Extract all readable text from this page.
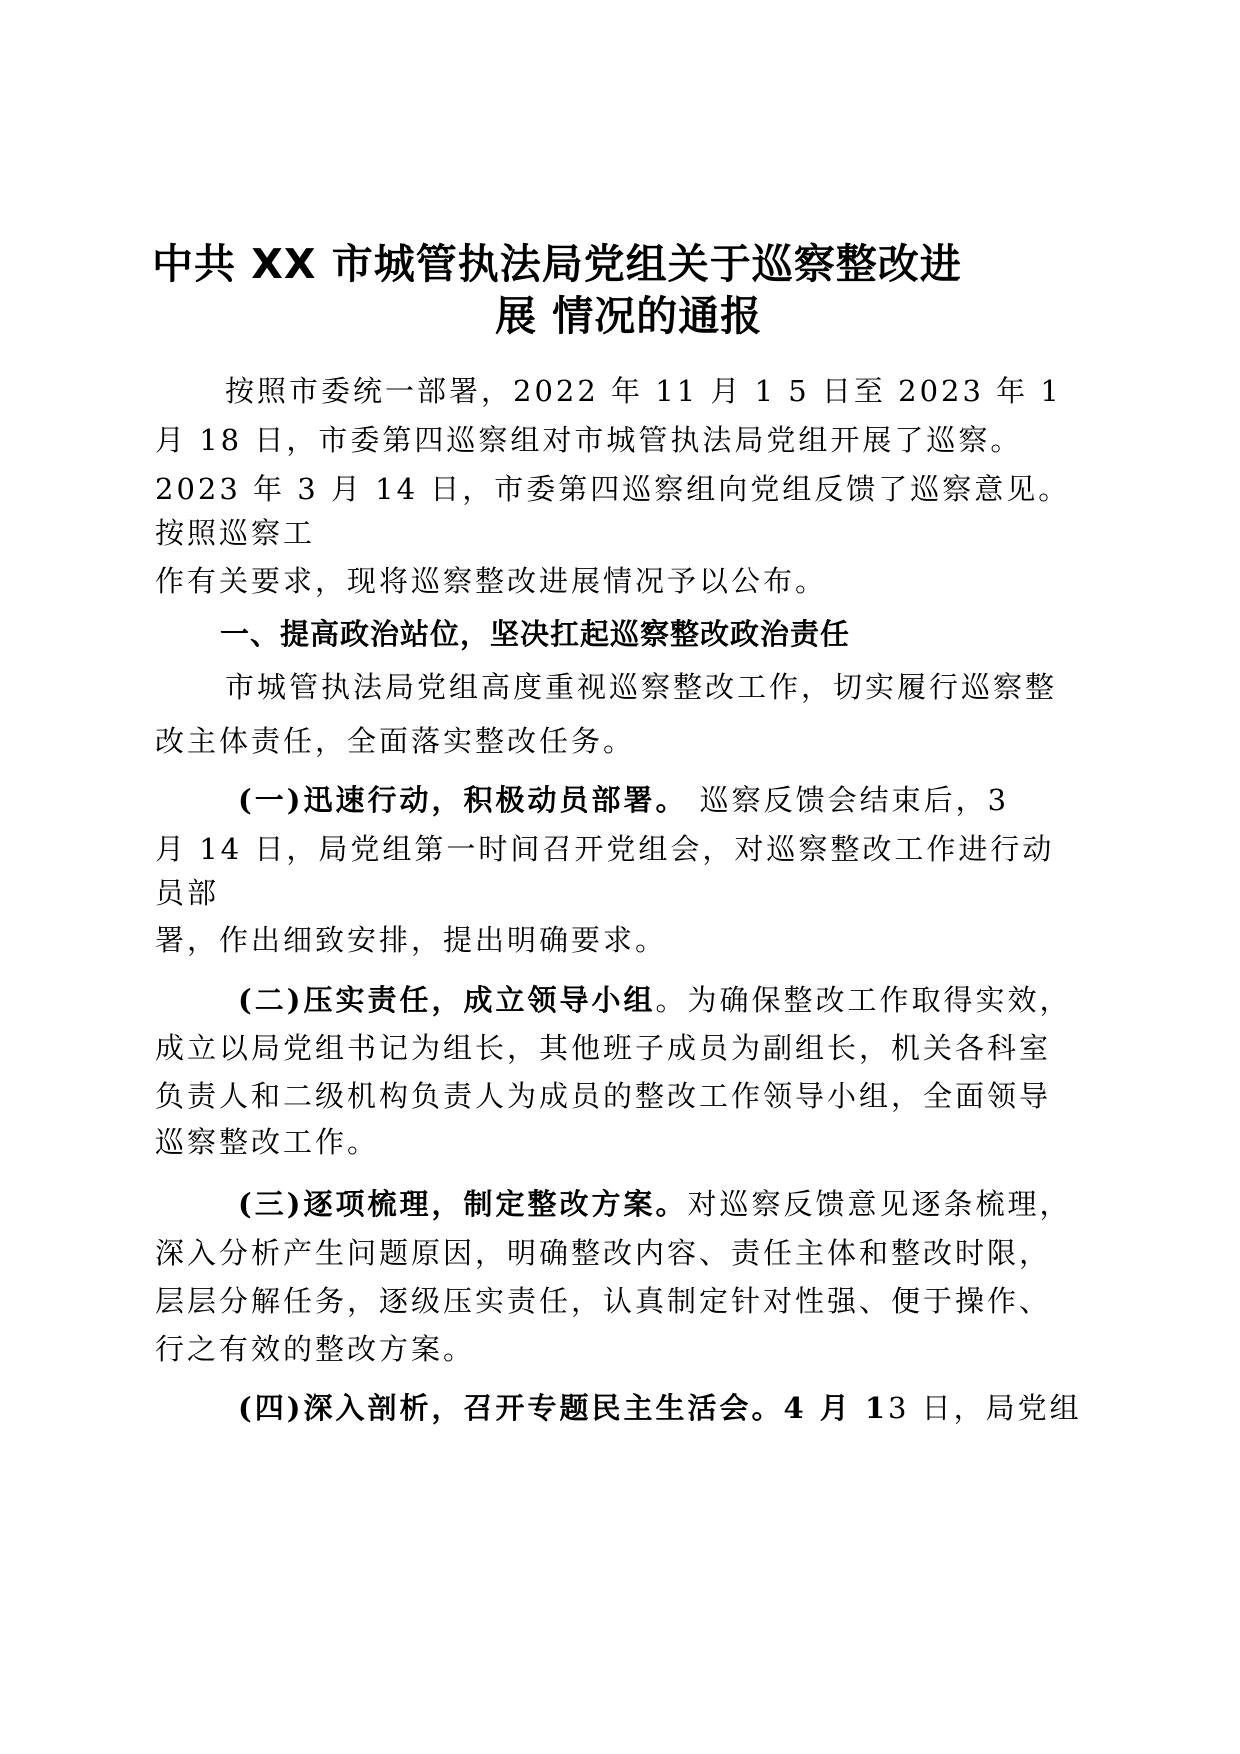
中共 XX 市城管执法局党组关于巡察整改进
展 情况的通报
按照市委统一部署，2022 年 11 月 1 5 日至 2023 年 1
月 18 日，市委第四巡察组对市城管执法局党组开展了巡察。
2023 年 3 月 14 日，市委第四巡察组向党组反馈了巡察意见。
按照巡察工
作有关要求，现将巡察整改进展情况予以公布。
一、提高政治站位，坚决扛起巡察整改政治责任
市城管执法局党组高度重视巡察整改工作，切实履行巡察整
改主体责任，全面落实整改任务。
(一)迅速行动，积极动员部署。 巡察反馈会结束后，3
月 14 日，局党组第一时间召开党组会，对巡察整改工作进行动
员部
署，作出细致安排，提出明确要求。
(二)压实责任，成立领导小组。为确保整改工作取得实效，
成立以局党组书记为组长，其他班子成员为副组长，机关各科室
负责人和二级机构负责人为成员的整改工作领导小组，全面领导
巡察整改工作。
(三)逐项梳理，制定整改方案。对巡察反馈意见逐条梳理，
深入分析产生问题原因，明确整改内容、责任主体和整改时限，
层层分解任务，逐级压实责任，认真制定针对性强、便于操作、
行之有效的整改方案。
(四)深入剖析，召开专题民主生活会。4 月 13 日，局党组
